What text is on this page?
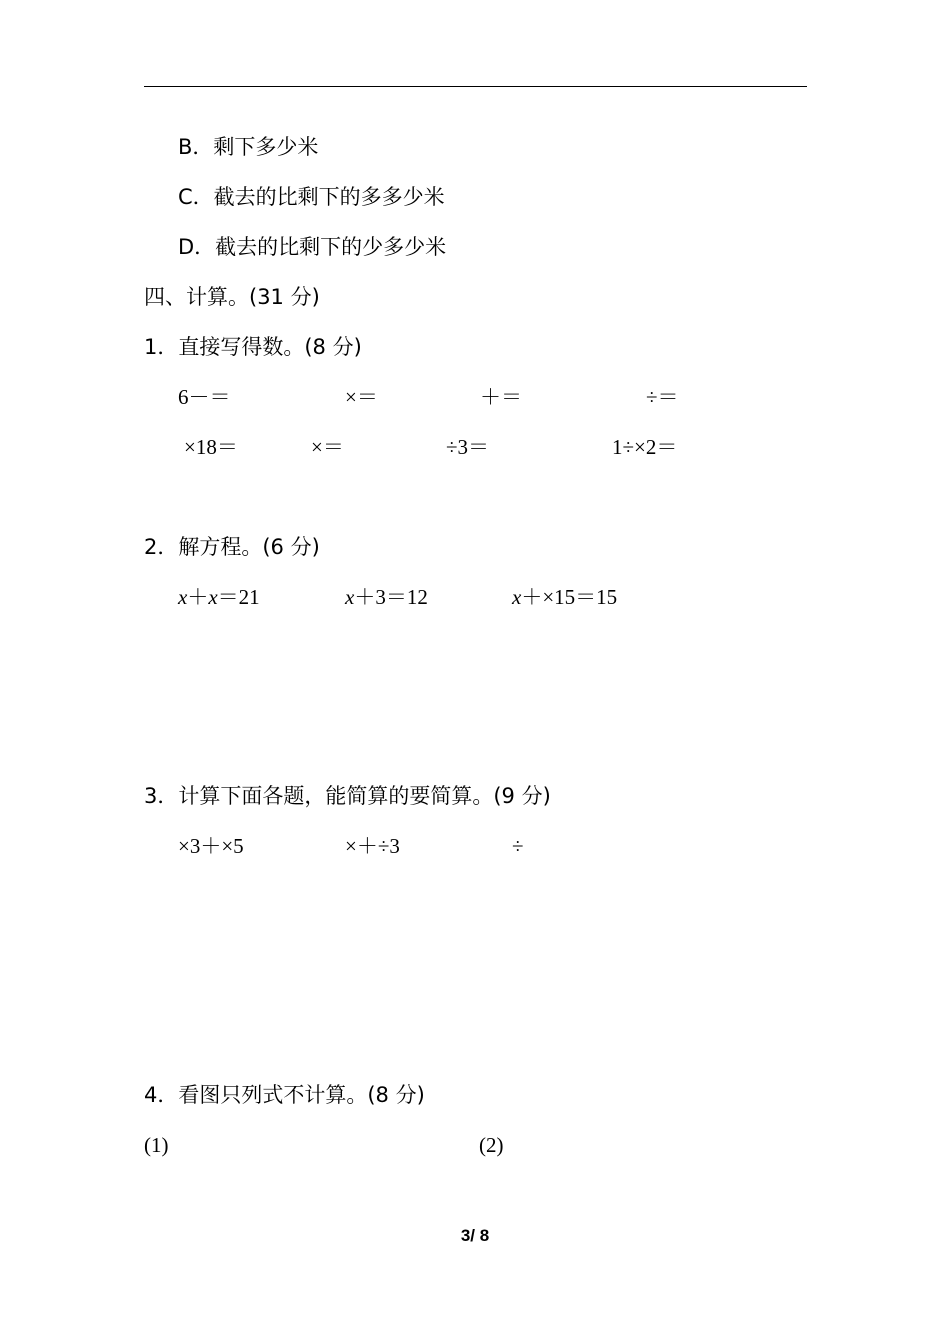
B．剩下多少米
C．截去的比剩下的多多少米
D．截去的比剩下的少多少米
四、计算。(31 分)
1．直接写得数。(8 分)
6－＝	×＝	＋＝	÷＝
×18＝	×＝	÷3＝	1÷×2＝
2．解方程。(6 分)
x＋x＝21	x＋3＝12	x＋×15＝15
3．计算下面各题，能简算的要简算。(9 分)
×3＋×5	×＋÷3	÷
4．看图只列式不计算。(8 分)
(1)	(2)
3/ 8
